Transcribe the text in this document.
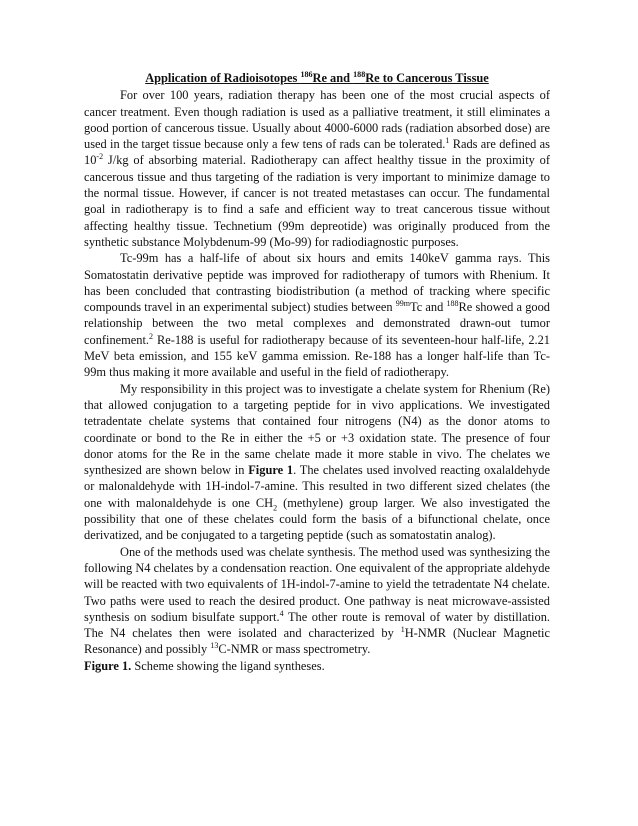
Application of Radioisotopes $^{186}$Re and $^{188}$Re to Cancerous Tissue

For over 100 years, radiation therapy has been one of the most crucial aspects of cancer treatment. Even though radiation is used as a palliative treatment, it still eliminates a good portion of cancerous tissue. Usually about 4000-6000 rads (radiation absorbed dose) are used in the target tissue because only a few tens of rads can be tolerated.$^1$ Rads are defined as $10^{-2}$ J/kg of absorbing material. Radiotherapy can affect healthy tissue in the proximity of cancerous tissue and thus targeting of the radiation is very important to minimize damage to the normal tissue. However, if cancer is not treated metastases can occur. The fundamental goal in radiotherapy is to find a safe and efficient way to treat cancerous tissue without affecting healthy tissue. Technetium (99m depreotide) was originally produced from the synthetic substance Molybdenum-99 (Mo-99) for radiodiagnostic purposes.

Tc-99m has a half-life of about six hours and emits 140keV gamma rays. This Somatostatin derivative peptide was improved for radiotherapy of tumors with Rhenium. It has been concluded that contrasting biodistribution (a method of tracking where specific compounds travel in an experimental subject) studies between $^{99m}$Tc and $^{188}$Re showed a good relationship between the two metal complexes and demonstrated drawn-out tumor confinement.$^2$ Re-188 is useful for radiotherapy because of its seventeen-hour half-life, 2.21 MeV beta emission, and 155 keV gamma emission. Re-188 has a longer half-life than Tc-99m thus making it more available and useful in the field of radiotherapy.

My responsibility in this project was to investigate a chelate system for Rhenium (Re) that allowed conjugation to a targeting peptide for in vivo applications. We investigated tetradentate chelate systems that contained four nitrogens (N4) as the donor atoms to coordinate or bond to the Re in either the +5 or +3 oxidation state. The presence of four donor atoms for the Re in the same chelate made it more stable in vivo. The chelates we synthesized are shown below in Figure 1. The chelates used involved reacting oxalaldehyde or malonaldehyde with 1H-indol-7-amine. This resulted in two different sized chelates (the one with malonaldehyde is one $CH_2$ (methylene) group larger. We also investigated the possibility that one of these chelates could form the basis of a bifunctional chelate, once derivatized, and be conjugated to a targeting peptide (such as somatostatin analog).

One of the methods used was chelate synthesis. The method used was synthesizing the following N4 chelates by a condensation reaction. One equivalent of the appropriate aldehyde will be reacted with two equivalents of 1H-indol-7-amine to yield the tetradentate N4 chelate. Two paths were used to reach the desired product. One pathway is neat microwave-assisted synthesis on sodium bisulfate support.$^4$ The other route is removal of water by distillation. The N4 chelates then were isolated and characterized by $^1$H-NMR (Nuclear Magnetic Resonance) and possibly $^{13}$C-NMR or mass spectrometry.

Figure 1. Scheme showing the ligand syntheses.
